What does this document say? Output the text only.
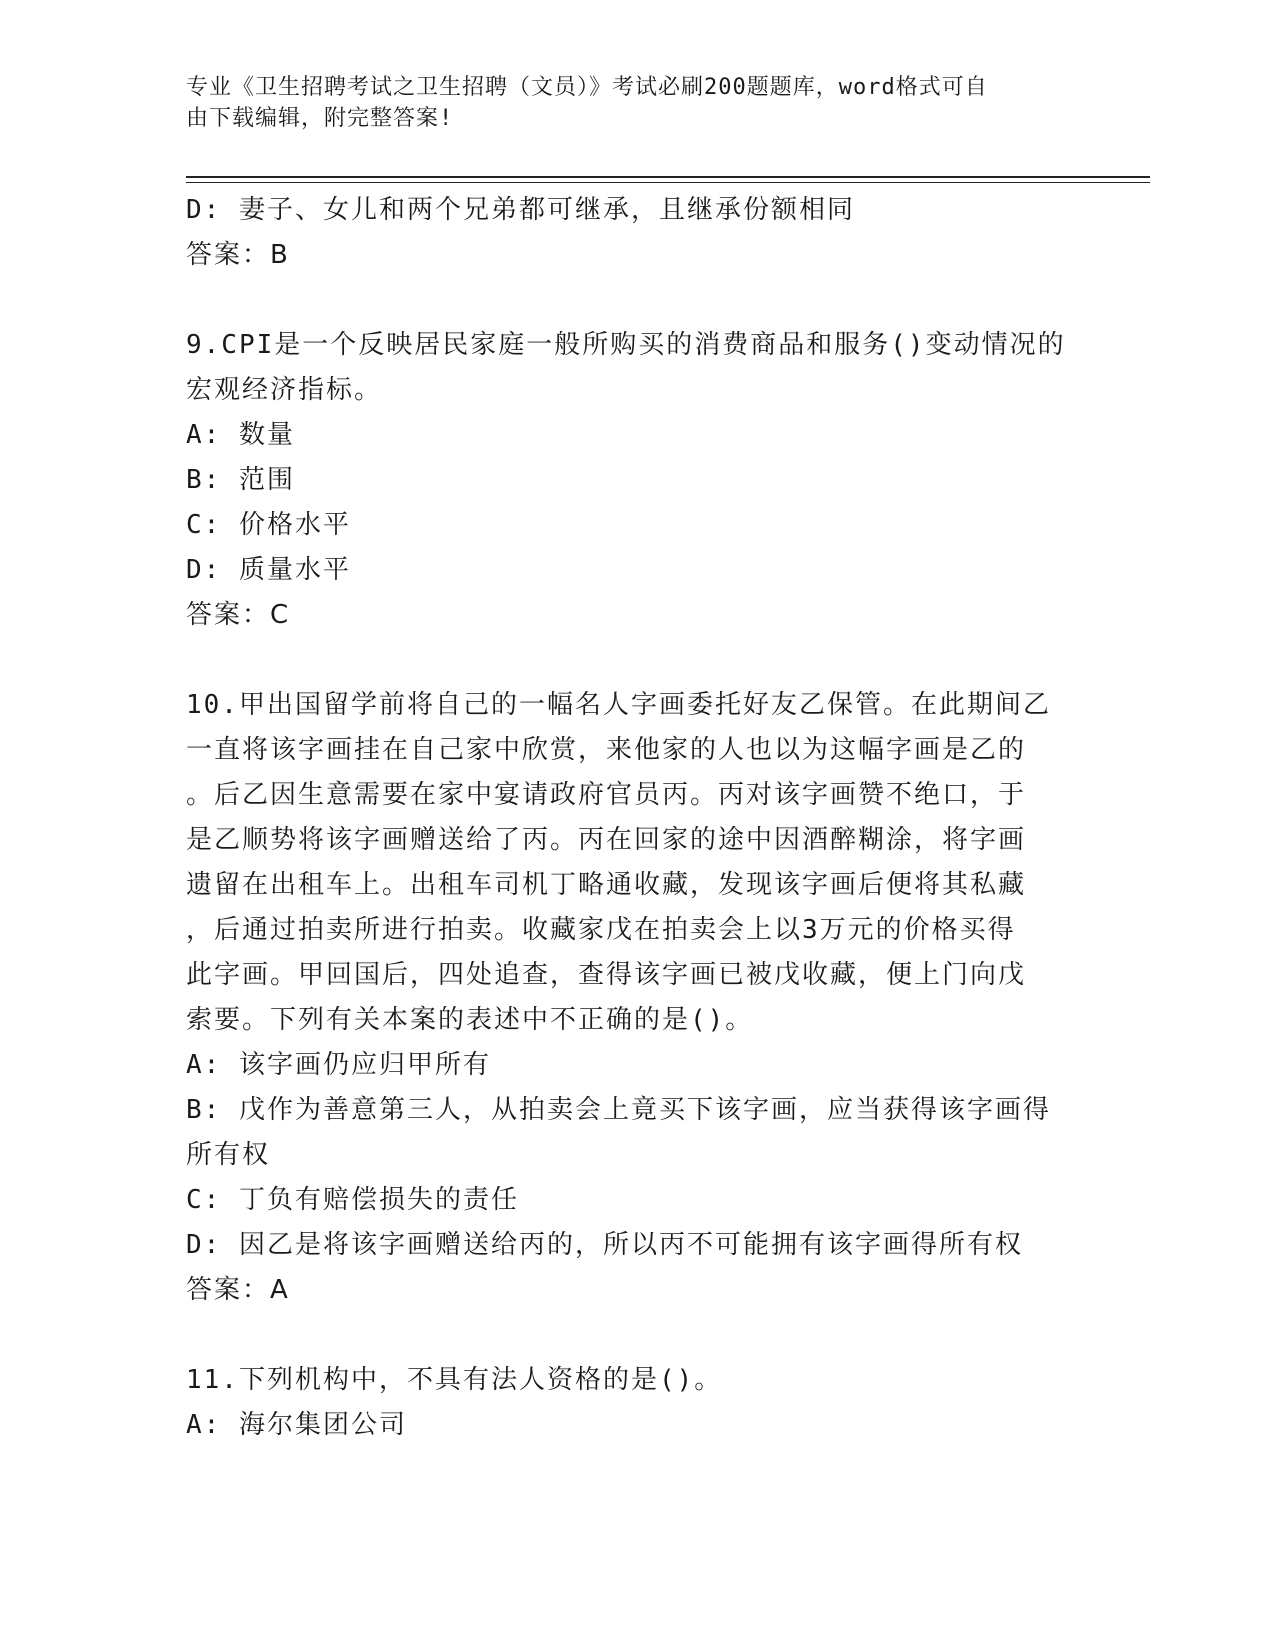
专业《卫生招聘考试之卫生招聘（文员）》考试必刷200题题库，word格式可自
由下载编辑，附完整答案!
D: 妻子、女儿和两个兄弟都可继承，且继承份额相同
答案：B
9.CPI是一个反映居民家庭一般所购买的消费商品和服务()变动情况的
宏观经济指标。
A: 数量
B: 范围
C: 价格水平
D: 质量水平
答案：C
10.甲出国留学前将自己的一幅名人字画委托好友乙保管。在此期间乙
一直将该字画挂在自己家中欣赏，来他家的人也以为这幅字画是乙的
。后乙因生意需要在家中宴请政府官员丙。丙对该字画赞不绝口，于
是乙顺势将该字画赠送给了丙。丙在回家的途中因酒醉糊涂，将字画
遗留在出租车上。出租车司机丁略通收藏，发现该字画后便将其私藏
，后通过拍卖所进行拍卖。收藏家戊在拍卖会上以3万元的价格买得
此字画。甲回国后，四处追查，查得该字画已被戊收藏，便上门向戊
索要。下列有关本案的表述中不正确的是()。
A: 该字画仍应归甲所有
B: 戊作为善意第三人，从拍卖会上竟买下该字画，应当获得该字画得
所有权
C: 丁负有赔偿损失的责任
D: 因乙是将该字画赠送给丙的，所以丙不可能拥有该字画得所有权
答案：A
11.下列机构中，不具有法人资格的是()。
A: 海尔集团公司
